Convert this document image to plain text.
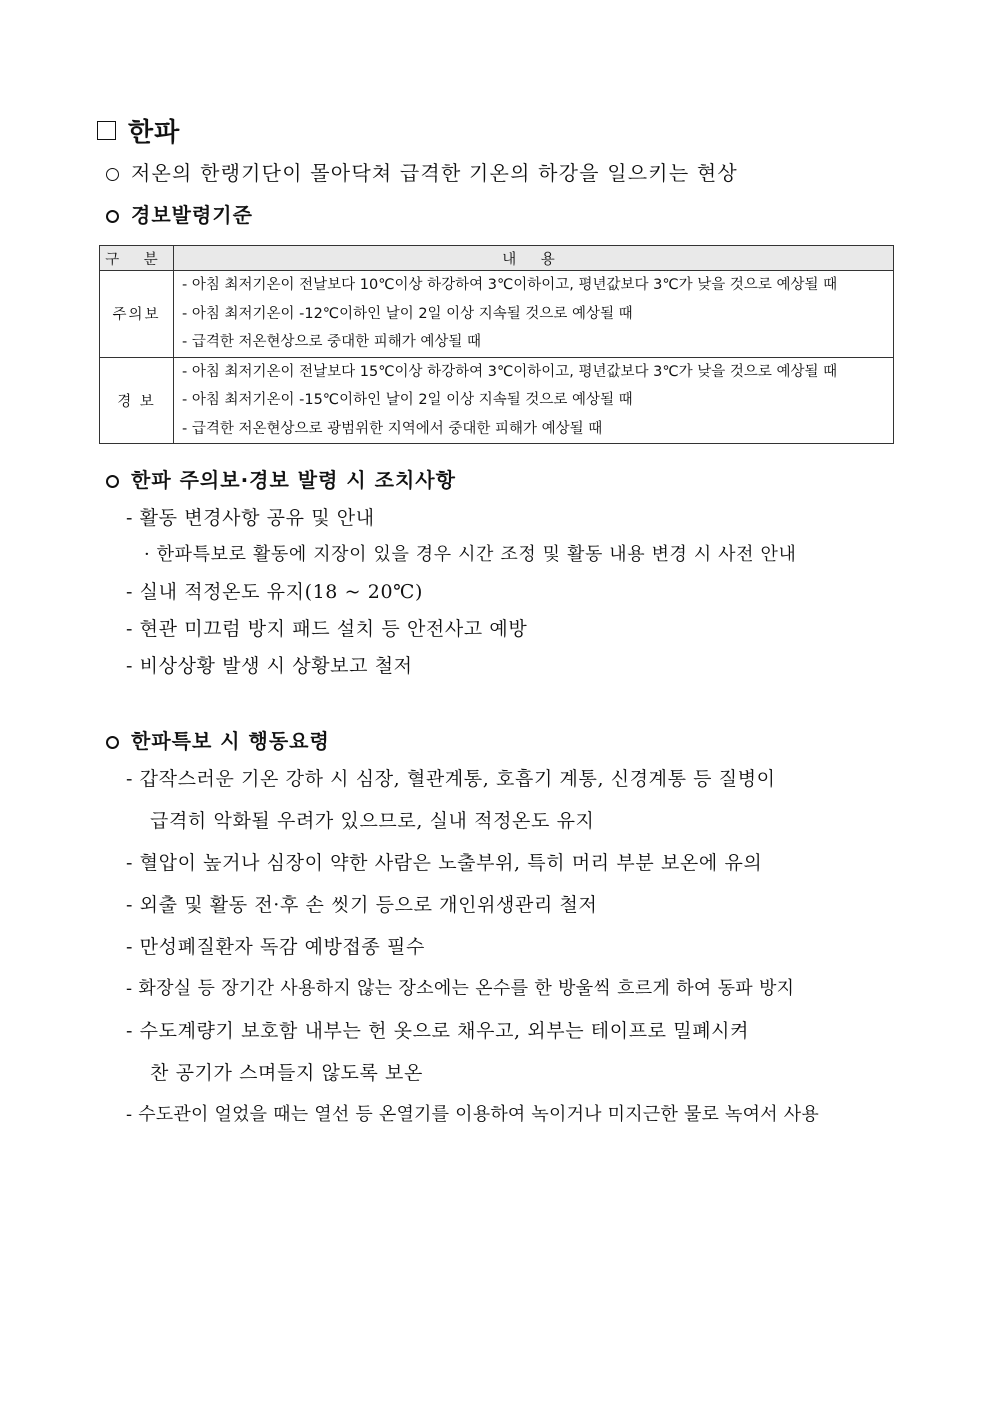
한파
저온의 한랭기단이 몰아닥쳐 급격한 기온의 하강을 일으키는 현상
경보발령기준
구 분	내 용
주의보	- 아침 최저기온이 전날보다 10℃이상 하강하여 3℃이하이고, 평년값보다 3℃가 낮을 것으로 예상될 때
- 아침 최저기온이 -12℃이하인 날이 2일 이상 지속될 것으로 예상될 때
- 급격한 저온현상으로 중대한 피해가 예상될 때

경 보	- 아침 최저기온이 전날보다 15℃이상 하강하여 3℃이하이고, 평년값보다 3℃가 낮을 것으로 예상될 때
- 아침 최저기온이 -15℃이하인 날이 2일 이상 지속될 것으로 예상될 때
- 급격한 저온현상으로 광범위한 지역에서 중대한 피해가 예상될 때
한파 주의보·경보 발령 시 조치사항
- 활동 변경사항 공유 및 안내
· 한파특보로 활동에 지장이 있을 경우 시간 조정 및 활동 내용 변경 시 사전 안내
- 실내 적정온도 유지(18 ~ 20℃)
- 현관 미끄럼 방지 패드 설치 등 안전사고 예방
- 비상상황 발생 시 상황보고 철저
한파특보 시 행동요령
- 갑작스러운 기온 강하 시 심장, 혈관계통, 호흡기 계통, 신경계통 등 질병이
급격히 악화될 우려가 있으므로, 실내 적정온도 유지
- 혈압이 높거나 심장이 약한 사람은 노출부위, 특히 머리 부분 보온에 유의
- 외출 및 활동 전·후 손 씻기 등으로 개인위생관리 철저
- 만성폐질환자 독감 예방접종 필수
- 화장실 등 장기간 사용하지 않는 장소에는 온수를 한 방울씩 흐르게 하여 동파 방지
- 수도계량기 보호함 내부는 헌 옷으로 채우고, 외부는 테이프로 밀폐시켜
찬 공기가 스며들지 않도록 보온
- 수도관이 얼었을 때는 열선 등 온열기를 이용하여 녹이거나 미지근한 물로 녹여서 사용
